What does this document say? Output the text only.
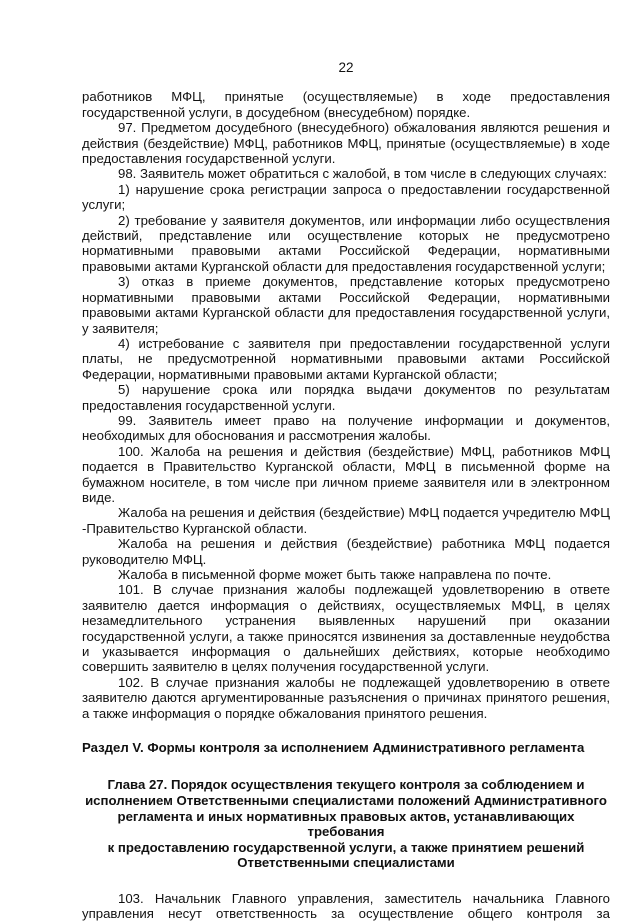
22

работников МФЦ, принятые (осуществляемые) в ходе предоставления государственной услуги, в досудебном (внесудебном) порядке.

97. Предметом досудебного (внесудебного) обжалования являются решения и действия (бездействие) МФЦ, работников МФЦ, принятые (осуществляемые) в ходе предоставления государственной услуги.

98. Заявитель может обратиться с жалобой, в том числе в следующих случаях:

1) нарушение срока регистрации запроса о предоставлении государственной услуги;

2) требование у заявителя документов, или информации либо осуществления действий, представление или осуществление которых не предусмотрено нормативными правовыми актами Российской Федерации, нормативными правовыми актами Курганской области для предоставления государственной услуги;

3) отказ в приеме документов, представление которых предусмотрено нормативными правовыми актами Российской Федерации, нормативными правовыми актами Курганской области для предоставления государственной услуги, у заявителя;

4) истребование с заявителя при предоставлении государственной услуги платы, не предусмотренной нормативными правовыми актами Российской Федерации, нормативными правовыми актами Курганской области;

5) нарушение срока или порядка выдачи документов по результатам предоставления государственной услуги.

99. Заявитель имеет право на получение информации и документов, необходимых для обоснования и рассмотрения жалобы.

100. Жалоба на решения и действия (бездействие) МФЦ, работников МФЦ подается в Правительство Курганской области, МФЦ в письменной форме на бумажном носителе, в том числе при личном приеме заявителя или в электронном виде.

Жалоба на решения и действия (бездействие) МФЦ подается учредителю МФЦ -Правительство Курганской области.

Жалоба на решения и действия (бездействие) работника МФЦ подается руководителю МФЦ.

Жалоба в письменной форме может быть также направлена по почте.

101. В случае признания жалобы подлежащей удовлетворению в ответе заявителю дается информация о действиях, осуществляемых МФЦ, в целях незамедлительного устранения выявленных нарушений при оказании государственной услуги, а также приносятся извинения за доставленные неудобства и указывается информация о дальнейших действиях, которые необходимо совершить заявителю в целях получения государственной услуги.

102. В случае признания жалобы не подлежащей удовлетворению в ответе заявителю даются аргументированные разъяснения о причинах принятого решения, а также информация о порядке обжалования принятого решения.

Раздел V. Формы контроля за исполнением Административного регламента
Глава 27. Порядок осуществления текущего контроля за соблюдением и
исполнением Ответственными специалистами положений Административного
регламента и иных нормативных правовых актов, устанавливающих требования
к предоставлению государственной услуги, а также принятием решений
Ответственными специалистами

103. Начальник Главного управления, заместитель начальника Главного

управления несут ответственность за осуществление общего контроля за
